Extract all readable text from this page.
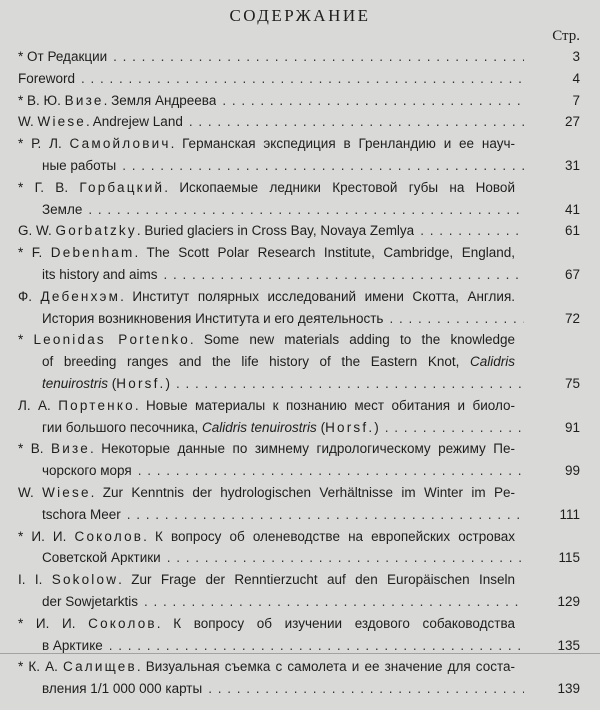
СОДЕРЖАНИЕ
Стр.
* От Редакции . . .	3
Foreword . . .	4
* В. Ю. Визе. Земля Андреева . . .	7
W. Wiese. Andrejew Land . . .	27
* Р. Л. Самойлович. Германская экспедиция в Гренландию и ее науч-
ные работы . . .	31
* Г. В. Горбацкий. Ископаемые ледники Крестовой губы на Новой
Земле . . .	41
G. W. Gorbatzky. Buried glaciers in Cross Bay, Novaya Zemlya . . .	61
* F. Debenham. The Scott Polar Research Institute, Cambridge, England,
its history and aims . . .	67
Ф. Дебенхэм. Институт полярных исследований имени Скотта, Англия.
История возникновения Института и его деятельность . . .	72
* Leonidas Portenko. Some new materials adding to the knowledge
of breeding ranges and the life history of the Eastern Knot, Calidris
tenuirostris (Horsf.) . . .	75
Л. А. Портенко. Новые материалы к познанию мест обитания и биоло-
гии большого песочника, Calidris tenuirostris (Horsf.) . . .	91
* В. Визе. Некоторые данные по зимнему гидрологическому режиму Пе-
чорского моря . . .	99
W. Wiese. Zur Kenntnis der hydrologischen Verhältnisse im Winter im Pe-
tschora Meer . . .	111
* И. И. Соколов. К вопросу об оленеводстве на европейских островах
Советской Арктики . . .	115
I. I. Sokolow. Zur Frage der Renntierzucht auf den Europäischen Inseln
der Sowjetarktis . . .	129
* И. И. Соколов. К вопросу об изучении ездового собаководства
в Арктике . . .	135
* К. А. Салищев. Визуальная съемка с самолета и ее значение для соста-
вления 1/1 000 000 карты . . .	139
